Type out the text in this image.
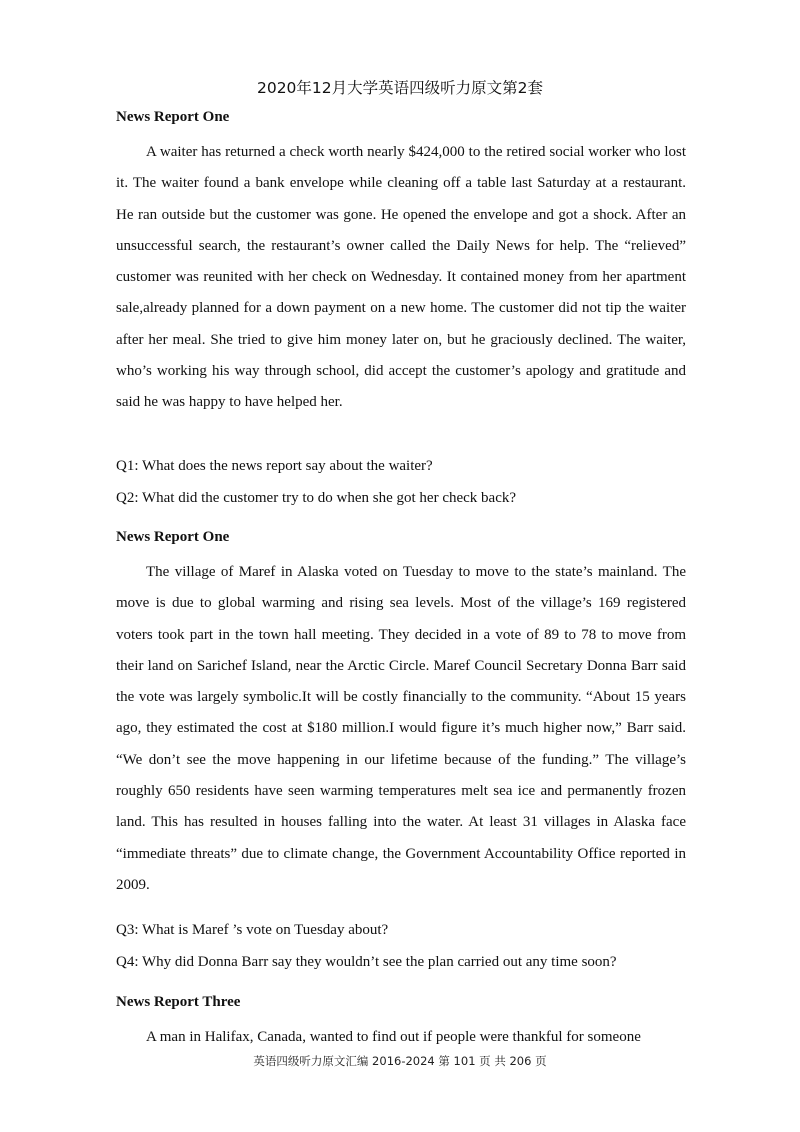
2020年12月大学英语四级听力原文第2套
News Report One

A waiter has returned a check worth nearly $424,000 to the retired social worker who lost it. The waiter found a bank envelope while cleaning off a table last Saturday at a restaurant. He ran outside but the customer was gone. He opened the envelope and got a shock. After an unsuccessful search, the restaurant’s owner called the Daily News for help. The “relieved” customer was reunited with her check on Wednesday. It contained money from her apartment sale,already planned for a down payment on a new home. The customer did not tip the waiter after her meal. She tried to give him money later on, but he graciously declined. The waiter, who’s working his way through school, did accept the customer’s apology and gratitude and said he was happy to have helped her.

Q1: What does the news report say about the waiter?
Q2: What did the customer try to do when she got her check back?
News Report One

The village of Maref in Alaska voted on Tuesday to move to the state’s mainland. The move is due to global warming and rising sea levels. Most of the village’s 169 registered voters took part in the town hall meeting. They decided in a vote of 89 to 78 to move from their land on Sarichef Island, near the Arctic Circle. Maref Council Secretary Donna Barr said the vote was largely symbolic.It will be costly financially to the community. “About 15 years ago, they estimated the cost at $180 million.I would figure it’s much higher now,” Barr said. “We don’t see the move happening in our lifetime because of the funding.” The village’s roughly 650 residents have seen warming temperatures melt sea ice and permanently frozen land. This has resulted in houses falling into the water. At least 31 villages in Alaska face “immediate threats” due to climate change, the Government Accountability Office reported in 2009.

Q3: What is Maref ’s vote on Tuesday about?
Q4: Why did Donna Barr say they wouldn’t see the plan carried out any time soon?
News Report Three

A man in Halifax, Canada, wanted to find out if people were thankful for someone

英语四级听力原文汇编 2016-2024 第 101 页 共 206 页
